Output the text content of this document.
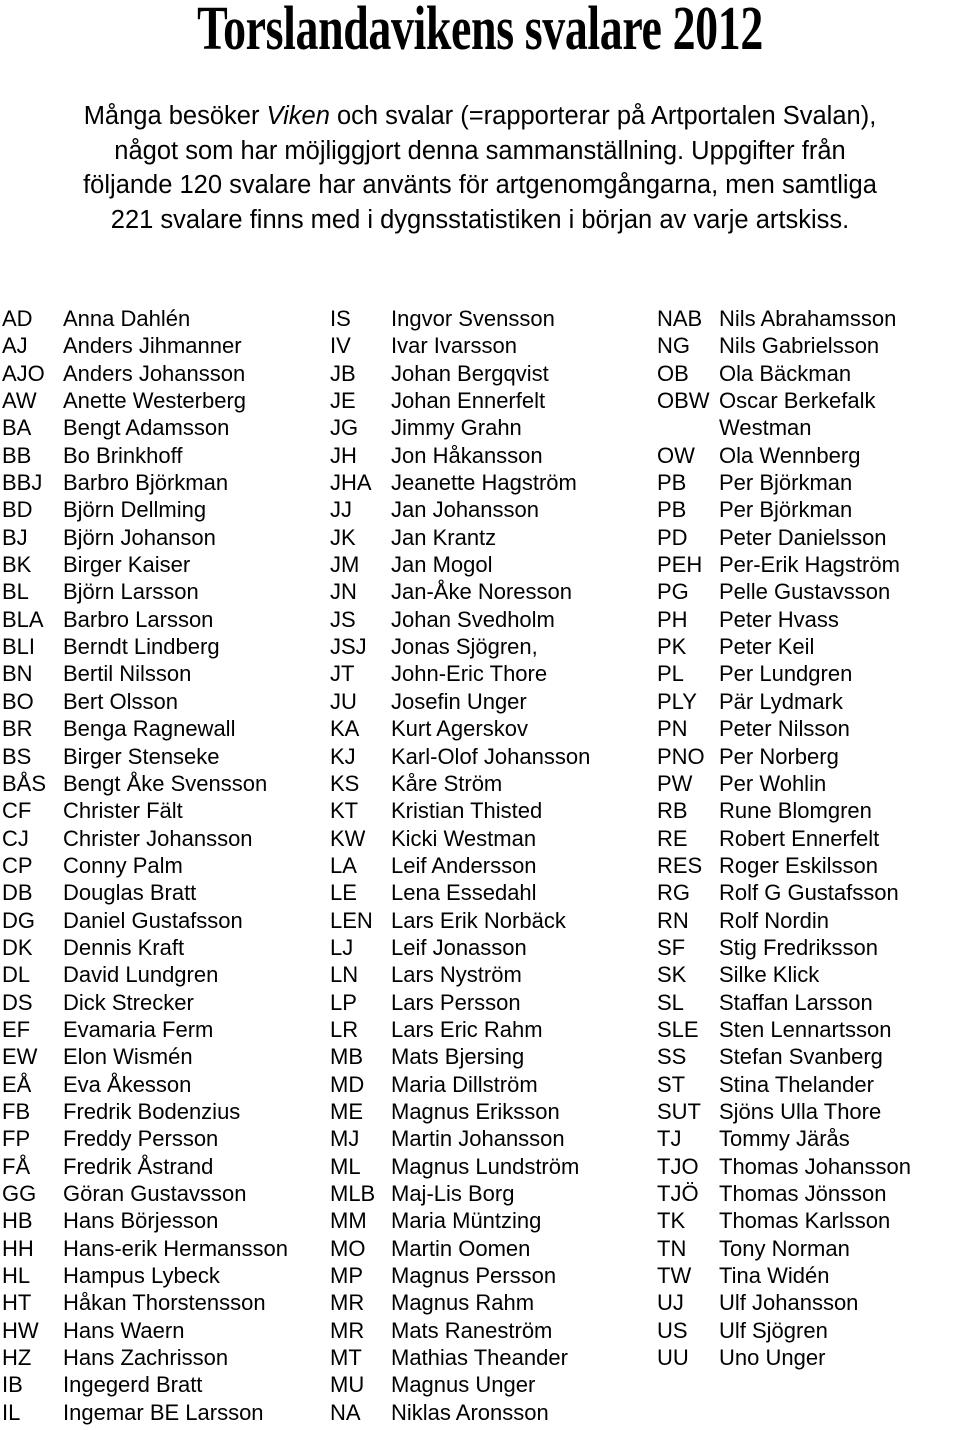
Torslandavikens svalare 2012
Många besöker Viken och svalar (=rapporterar på Artportalen Svalan),
något som har möjliggjort denna sammanställning. Uppgifter från
följande 120 svalare har använts för artgenomgångarna, men samtliga
221 svalare finns med i dygnsstatistiken i början av varje artskiss.
AD Anna Dahlén
AJ Anders Jihmanner
AJO Anders Johansson
AW Anette Westerberg
BA Bengt Adamsson
BB Bo Brinkhoff
BBJ Barbro Björkman
BD Björn Dellming
BJ Björn Johanson
BK Birger Kaiser
BL Björn Larsson
BLA Barbro Larsson
BLI Berndt Lindberg
BN Bertil Nilsson
BO Bert Olsson
BR Benga Ragnewall
BS Birger Stenseke
BÅS Bengt Åke Svensson
CF Christer Fält
CJ Christer Johansson
CP Conny Palm
DB Douglas Bratt
DG Daniel Gustafsson
DK Dennis Kraft
DL David Lundgren
DS Dick Strecker
EF Evamaria Ferm
EW Elon Wismén
EÅ Eva Åkesson
FB Fredrik Bodenzius
FP Freddy Persson
FÅ Fredrik Åstrand
GG Göran Gustavsson
HB Hans Börjesson
HH Hans-erik Hermansson
HL Hampus Lybeck
HT Håkan Thorstensson
HW Hans Waern
HZ Hans Zachrisson
IB Ingegerd Bratt
IL Ingemar BE Larsson
IS Ingvor Svensson
IV Ivar Ivarsson
JB Johan Bergqvist
JE Johan Ennerfelt
JG Jimmy Grahn
JH Jon Håkansson
JHA Jeanette Hagström
JJ Jan Johansson
JK Jan Krantz
JM Jan Mogol
JN Jan-Åke Noresson
JS Johan Svedholm
JSJ Jonas Sjögren,
JT John-Eric Thore
JU Josefin Unger
KA Kurt Agerskov
KJ Karl-Olof Johansson
KS Kåre Ström
KT Kristian Thisted
KW Kicki Westman
LA Leif Andersson
LE Lena Essedahl
LEN Lars Erik Norbäck
LJ Leif Jonasson
LN Lars Nyström
LP Lars Persson
LR Lars Eric Rahm
MB Mats Bjersing
MD Maria Dillström
ME Magnus Eriksson
MJ Martin Johansson
ML Magnus Lundström
MLB Maj-Lis Borg
MM Maria Müntzing
MO Martin Oomen
MP Magnus Persson
MR Magnus Rahm
MR Mats Raneström
MT Mathias Theander
MU Magnus Unger
NA Niklas Aronsson
NAB Nils Abrahamsson
NG Nils Gabrielsson
OB Ola Bäckman
OBW Oscar Berkefalk
Westman
OW Ola Wennberg
PB Per Björkman
PB Per Björkman
PD Peter Danielsson
PEH Per-Erik Hagström
PG Pelle Gustavsson
PH Peter Hvass
PK Peter Keil
PL Per Lundgren
PLY Pär Lydmark
PN Peter Nilsson
PNO Per Norberg
PW Per Wohlin
RB Rune Blomgren
RE Robert Ennerfelt
RES Roger Eskilsson
RG Rolf G Gustafsson
RN Rolf Nordin
SF Stig Fredriksson
SK Silke Klick
SL Staffan Larsson
SLE Sten Lennartsson
SS Stefan Svanberg
ST Stina Thelander
SUT Sjöns Ulla Thore
TJ Tommy Järås
TJO Thomas Johansson
TJÖ Thomas Jönsson
TK Thomas Karlsson
TN Tony Norman
TW Tina Widén
UJ Ulf Johansson
US Ulf Sjögren
UU Uno Unger
